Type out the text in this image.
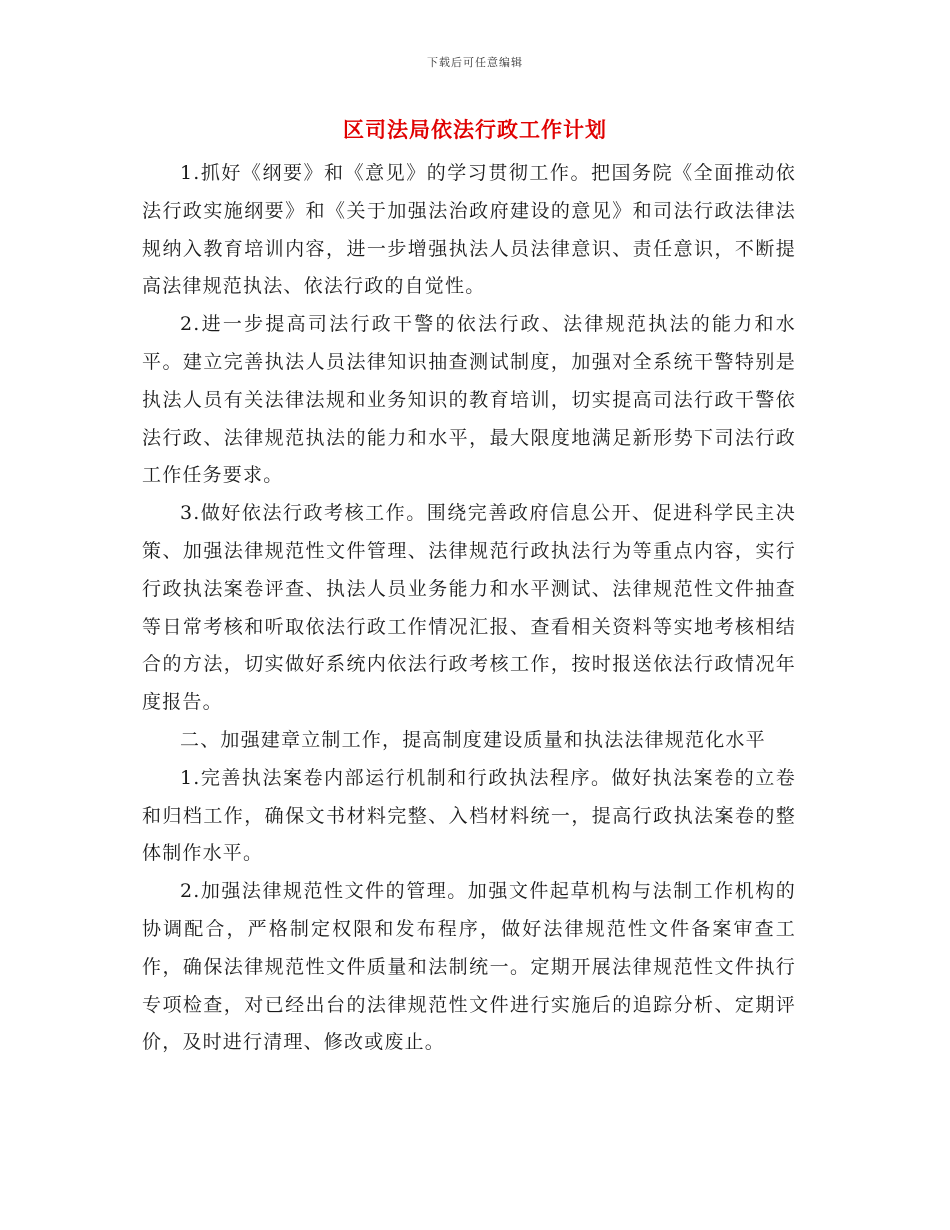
下载后可任意编辑
区司法局依法行政工作计划

1.抓好《纲要》和《意见》的学习贯彻工作。把国务院《全面推动依法行政实施纲要》和《关于加强法治政府建设的意见》和司法行政法律法规纳入教育培训内容，进一步增强执法人员法律意识、责任意识，不断提高法律规范执法、依法行政的自觉性。

2.进一步提高司法行政干警的依法行政、法律规范执法的能力和水平。建立完善执法人员法律知识抽查测试制度，加强对全系统干警特别是执法人员有关法律法规和业务知识的教育培训，切实提高司法行政干警依法行政、法律规范执法的能力和水平，最大限度地满足新形势下司法行政工作任务要求。

3.做好依法行政考核工作。围绕完善政府信息公开、促进科学民主决策、加强法律规范性文件管理、法律规范行政执法行为等重点内容，实行行政执法案卷评查、执法人员业务能力和水平测试、法律规范性文件抽查等日常考核和听取依法行政工作情况汇报、查看相关资料等实地考核相结合的方法，切实做好系统内依法行政考核工作，按时报送依法行政情况年度报告。

二、加强建章立制工作，提高制度建设质量和执法法律规范化水平

1.完善执法案卷内部运行机制和行政执法程序。做好执法案卷的立卷和归档工作，确保文书材料完整、入档材料统一，提高行政执法案卷的整体制作水平。

2.加强法律规范性文件的管理。加强文件起草机构与法制工作机构的协调配合，严格制定权限和发布程序，做好法律规范性文件备案审查工作，确保法律规范性文件质量和法制统一。定期开展法律规范性文件执行专项检查，对已经出台的法律规范性文件进行实施后的追踪分析、定期评价，及时进行清理、修改或废止。
